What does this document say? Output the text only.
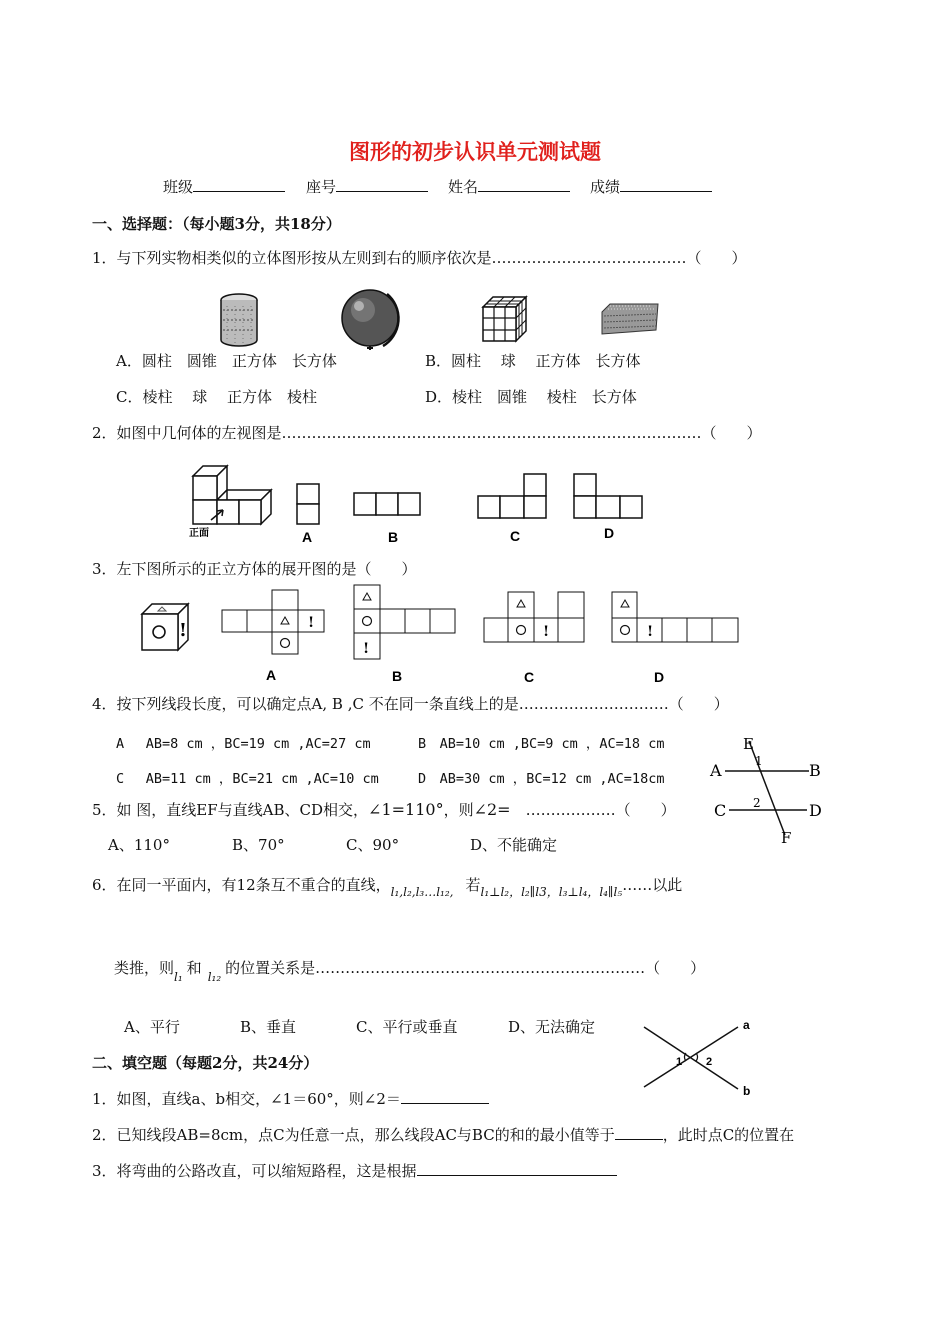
图形的初步认识单元测试题
班级	座号	姓名	成绩
一、选择题：（每小题3分，共18分）
1．与下列实物相类似的立体图形按从左则到右的顺序依次是…………………………………（　　）
A．圆柱　圆锥　正方体　长方体	B．圆柱　 球　 正方体　长方体
C．棱柱　 球　 正方体　棱柱	D．棱柱　圆锥　 棱柱　长方体
2．如图中几何体的左视图是…………………………………………………………………………（　　）
正面	A	B	C	D
3．左下图所示的正立方体的展开图的是（　　）
!	!
A
!
B
!
C
!
D
4．按下列线段长度，可以确定点A, B ,C 不在同一条直线上的是…………………………（　　）
A　 AB=8 cm ，BC=19 cm ,AC=27 cm	B　AB=10 cm ,BC=9 cm ，AC=18 cm
C　 AB=11 cm ，BC=21 cm ,AC=10 cm	D　AB=30 cm ，BC=12 cm ,AC=18cm
E
1
A	B
2
C	D
F
5．如 图，直线EF与直线AB、CD相交，∠1=110°，则∠2=　………………（　　）
A、110°	B、70°	C、90°	D、不能确定
6．在同一平面内，有12条互不重合的直线，$_{l_1,l_2,l_3\dots l_{12},}$ 若$_{l_1\perp l_2,l_2\parallel l3,l_3\perp l_4,l_4\parallel l_5}$……以此
类推，则$_{l_1}$ 和 $_{l_{12}}$ 的位置关系是…………………………………………………………（　　）
A、平行	B、垂直	C、平行或垂直	D、无法确定	a
b
1 2
二、填空题（每题2分，共24分）
1．如图，直线a、b相交，∠1＝60°，则∠2＝
2．已知线段AB=8cm，点C为任意一点，那么线段AC与BC的和的最小值等于	，此时点C的位置在
3．将弯曲的公路改直，可以缩短路程，这是根据
